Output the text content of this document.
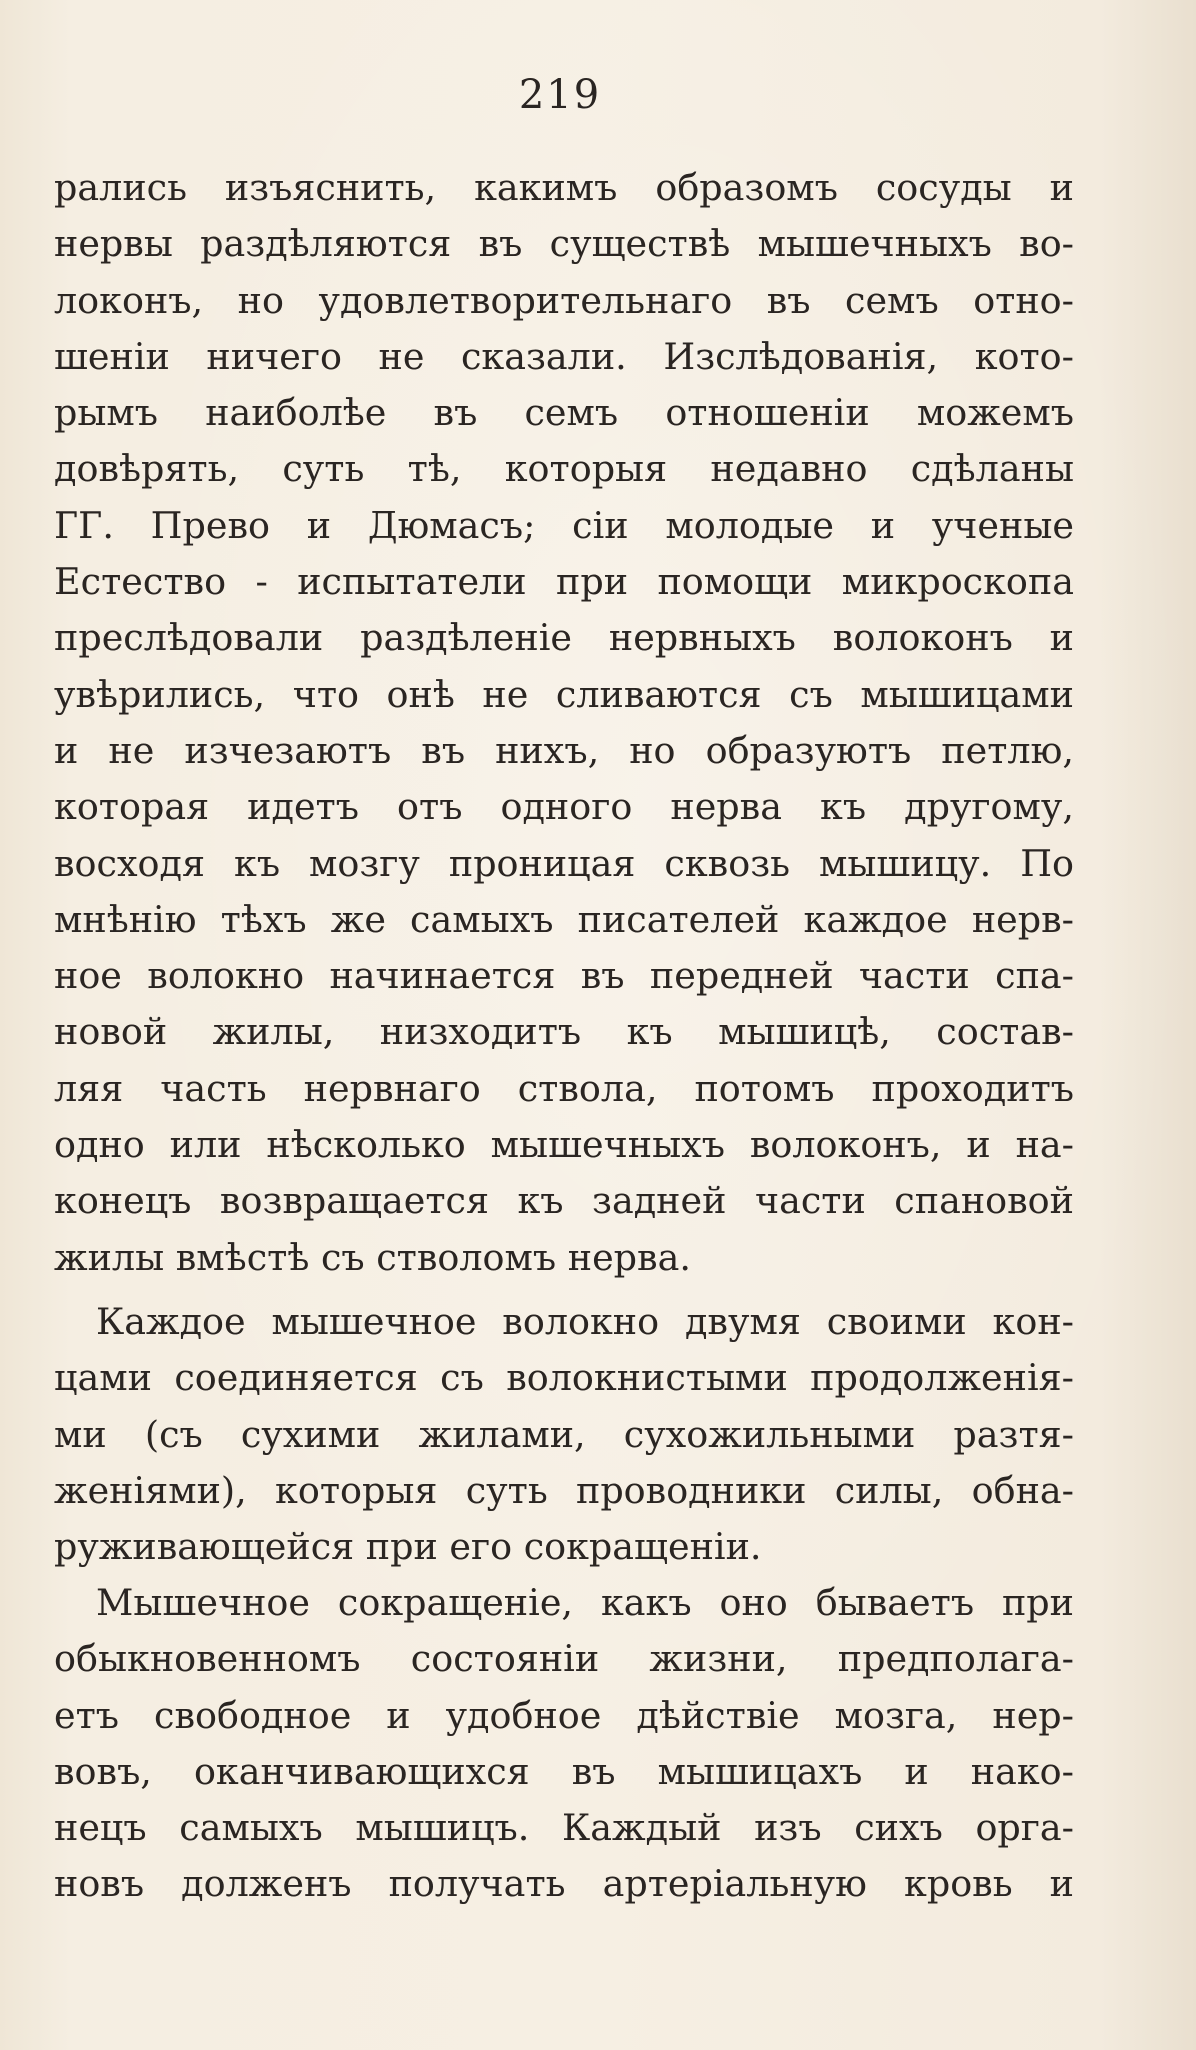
219
рались изъяснить, какимъ образомъ сосуды и
нервы раздѣляются въ существѣ мышечныхъ во-
локонъ, но удовлетворительнаго въ семъ отно-
шеніи ничего не сказали. Изслѣдованія, кото-
рымъ наиболѣе въ семъ отношеніи можемъ
довѣрять, суть тѣ, которыя недавно сдѣланы
ГГ. Прево и Дюмасъ; сіи молодые и ученые
Естество - испытатели при помощи микроскопа
преслѣдовали раздѣленіе нервныхъ волоконъ и
увѣрились, что онѣ не сливаются съ мышицами
и не изчезаютъ въ нихъ, но образуютъ петлю,
которая идетъ отъ одного нерва къ другому,
восходя къ мозгу проницая сквозь мышицу. По
мнѣнію тѣхъ же самыхъ писателей каждое нерв-
ное волокно начинается въ передней части спа-
новой жилы, низходитъ къ мышицѣ, состав-
ляя часть нервнаго ствола, потомъ проходитъ
одно или нѣсколько мышечныхъ волоконъ, и на-
конецъ возвращается къ задней части спановой
жилы вмѣстѣ съ стволомъ нерва.
Каждое мышечное волокно двумя своими кон-
цами соединяется съ волокнистыми продолженія-
ми (съ сухими жилами, сухожильными разтя-
женіями), которыя суть проводники силы, обна-
руживающейся при его сокращеніи.
Мышечное сокращеніе, какъ оно бываетъ при
обыкновенномъ состояніи жизни, предполага-
етъ свободное и удобное дѣйствіе мозга, нер-
вовъ, оканчивающихся въ мышицахъ и нако-
нецъ самыхъ мышицъ. Каждый изъ сихъ орга-
новъ долженъ получать артеріальную кровь и
